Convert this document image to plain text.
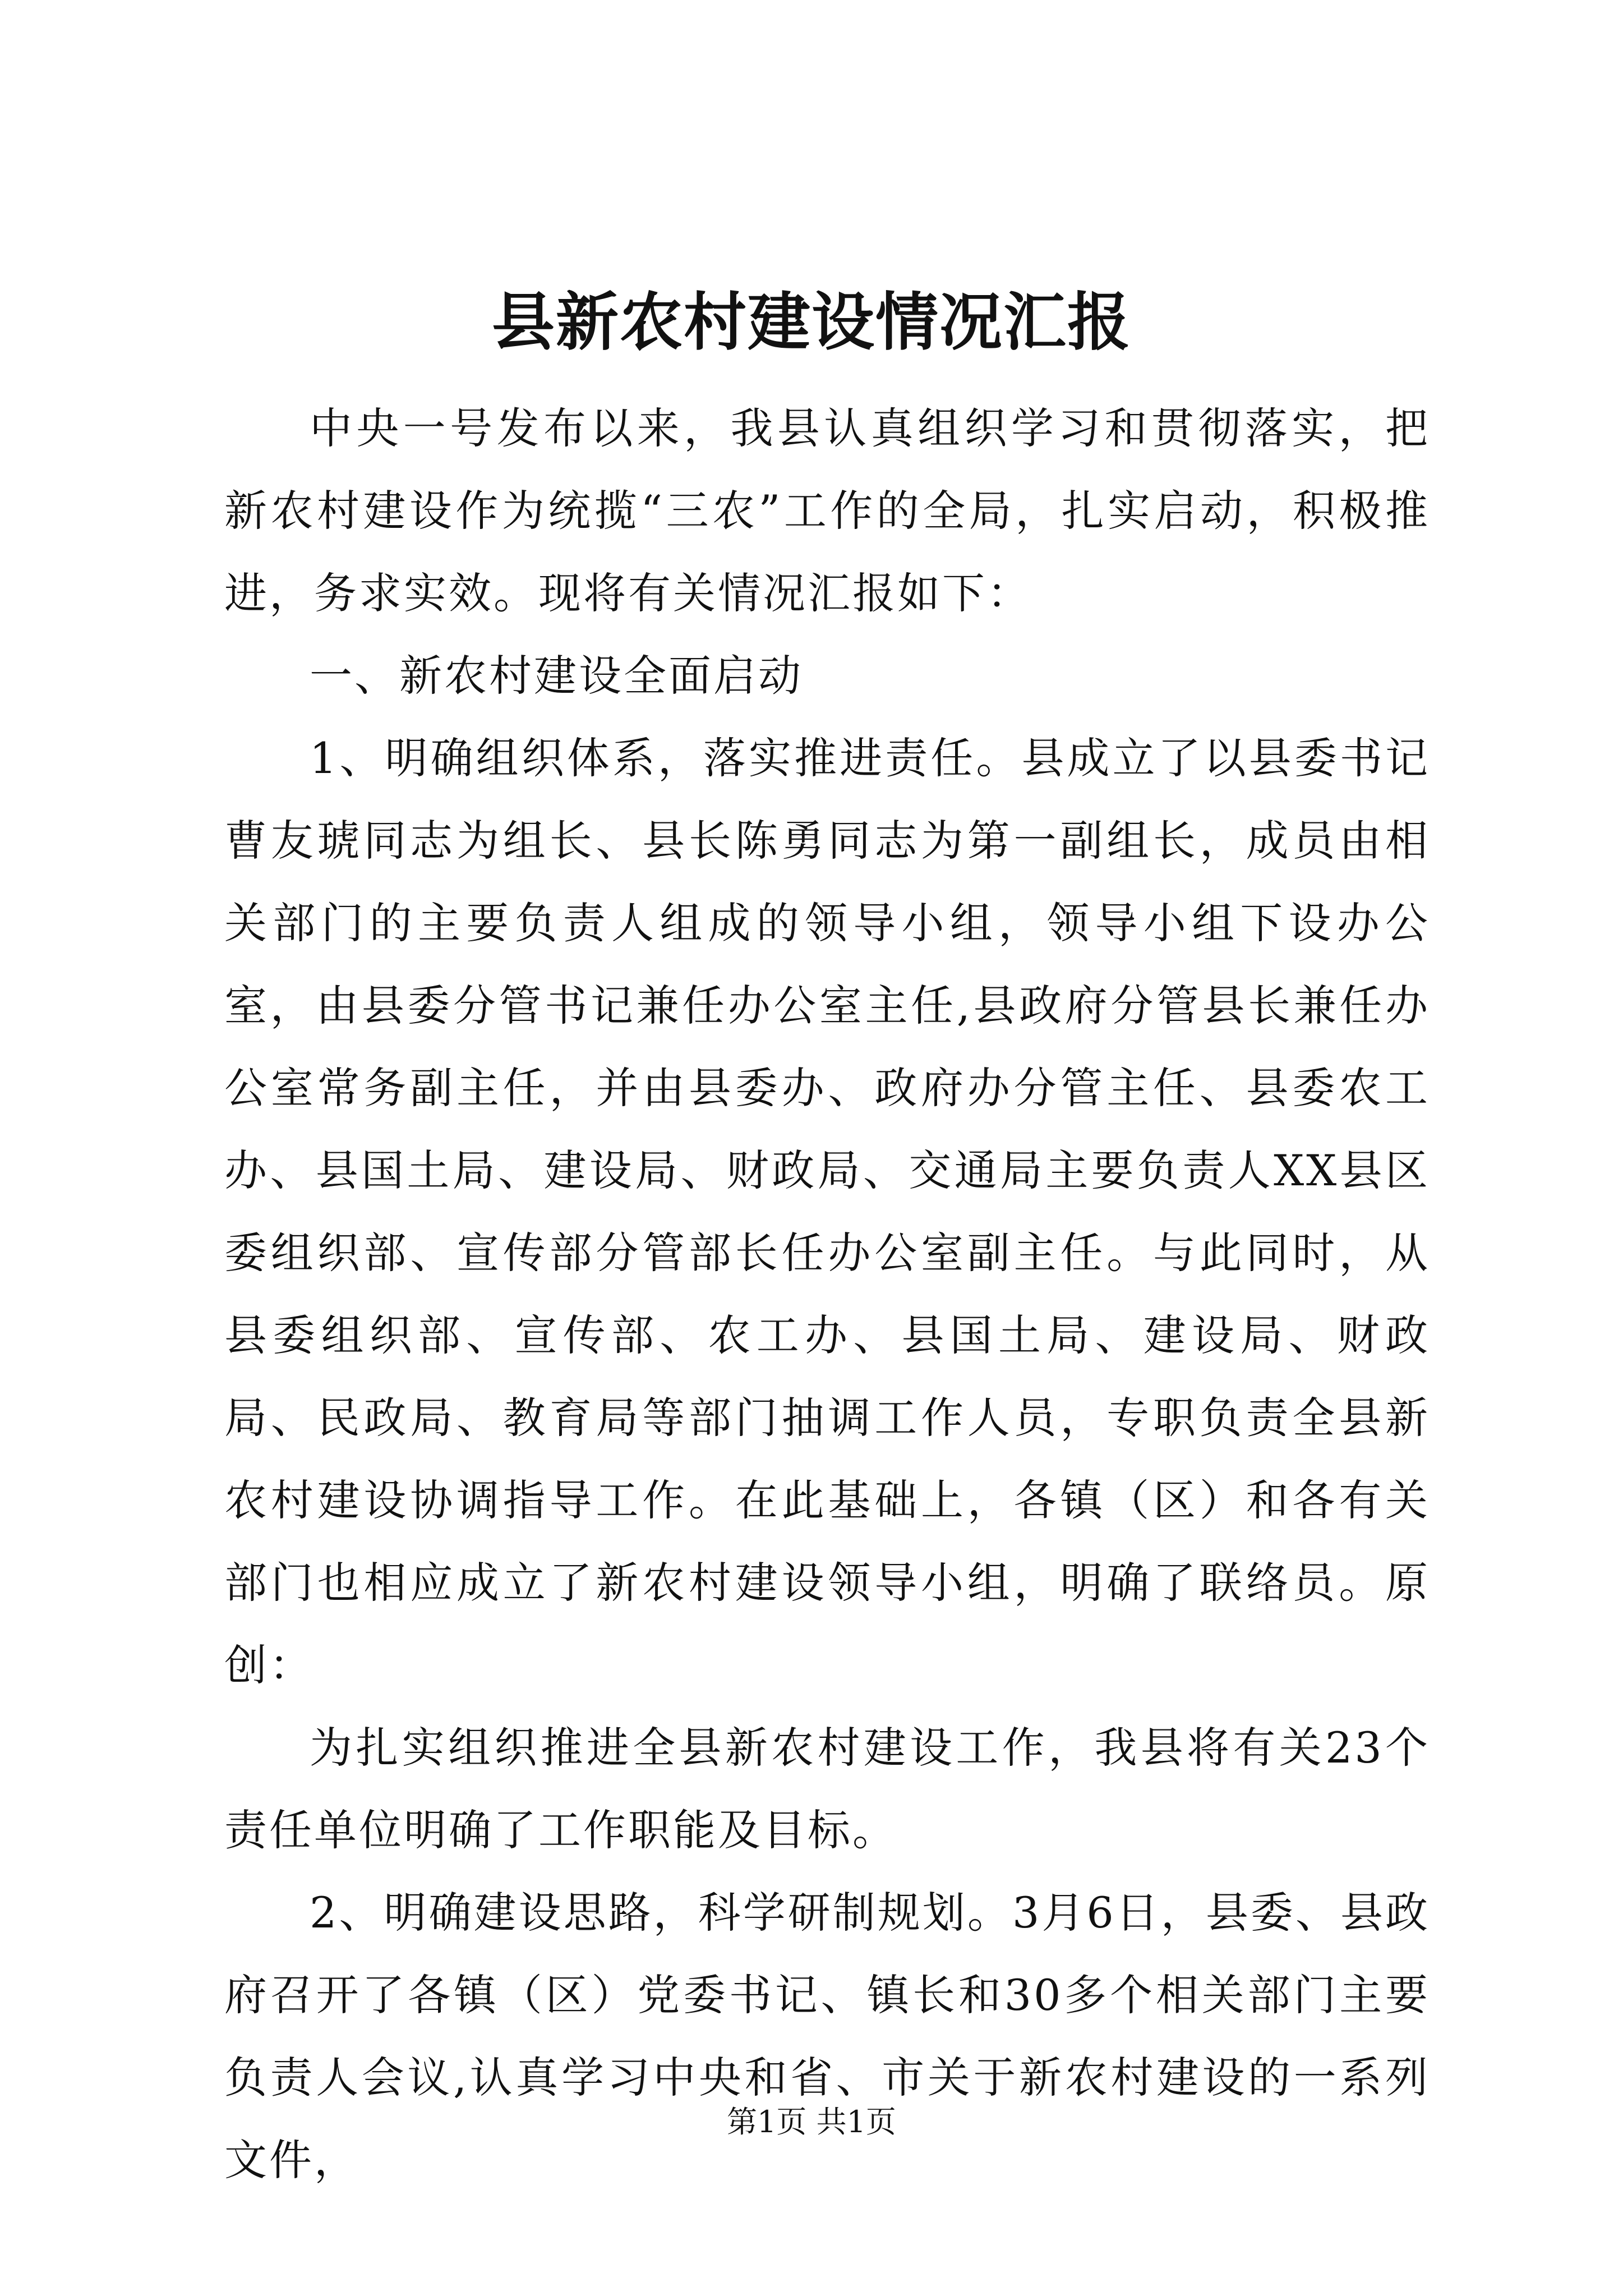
县新农村建设情况汇报

中央一号发布以来，我县认真组织学习和贯彻落实，把新农村建设作为统揽“三农”工作的全局，扎实启动，积极推进，务求实效。现将有关情况汇报如下：

一、新农村建设全面启动

1、明确组织体系，落实推进责任。县成立了以县委书记曹友琥同志为组长、县长陈勇同志为第一副组长，成员由相关部门的主要负责人组成的领导小组，领导小组下设办公室，由县委分管书记兼任办公室主任,县政府分管县长兼任办公室常务副主任，并由县委办、政府办分管主任、县委农工办、县国土局、建设局、财政局、交通局主要负责人XX县区委组织部、宣传部分管部长任办公室副主任。与此同时，从县委组织部、宣传部、农工办、县国土局、建设局、财政局、民政局、教育局等部门抽调工作人员，专职负责全县新农村建设协调指导工作。在此基础上，各镇（区）和各有关部门也相应成立了新农村建设领导小组，明确了联络员。原创：

为扎实组织推进全县新农村建设工作，我县将有关23个责任单位明确了工作职能及目标。

2、明确建设思路，科学研制规划。3月6日，县委、县政府召开了各镇（区）党委书记、镇长和30多个相关部门主要负责人会议,认真学习中央和省、市关于新农村建设的一系列文件，

第1页 共1页
